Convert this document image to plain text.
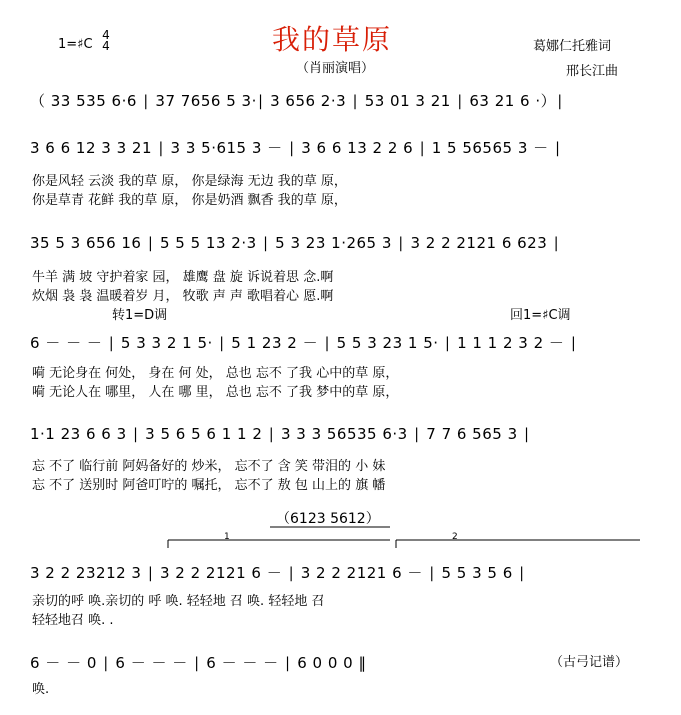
我的草原
（肖丽演唱）
1=♯C
4
4	葛娜仁托雅词
邢长江曲
（ 33 535 6·6 ∣ 37 7656 5 3·∣ 3 656 2·3 ∣ 53 01 3 21 ∣ 63 21 6 ·）∣
3 6 6 12 3 3 21 ∣ 3 3 5·615 3 － ∣ 3 6 6 13 2 2 6 ∣ 1 5 56565 3 － ∣
你是风轻 云淡 我的草 原， 你是绿海 无边 我的草 原，
你是草青 花鲜 我的草 原， 你是奶酒 飘香 我的草 原，
35 5 3 656 16 ∣ 5 5 5 13 2·3 ∣ 5 3 23 1·265 3 ∣ 3 2 2 2121 6 623 ∣
牛羊 满 坡 守护着家 园， 雄鹰 盘 旋 诉说着思 念.啊
炊烟 袅 袅 温暖着岁 月， 牧歌 声 声 歌唱着心 愿.啊
转1=D调	回1=♯C调
6 － － － ∣ 5 3 3 2 1 5· ∣ 5 1 23 2 － ∣ 5 5 3 23 1 5· ∣ 1 1 1 2 3 2 － ∣
嗬 无论身在 何处， 身在 何 处， 总也 忘不 了我 心中的草 原，
嗬 无论人在 哪里， 人在 哪 里， 总也 忘不 了我 梦中的草 原，
1·1 23 6 6 3 ∣ 3 5 6 5 6 1 1 2 ∣ 3 3 3 56535 6·3 ∣ 7 7 6 565 3 ∣
忘 不了 临行前 阿妈备好的 炒米， 忘不了 含 笑 带泪的 小 妹
忘 不了 送别时 阿爸叮咛的 嘱托， 忘不了 敖 包 山上的 旗 幡
（6123 5612）
1	2
3 2 2 23212 3 ∣ 3 2 2 2121 6 － ∣ 3 2 2 2121 6 － ∣ 5 5 3 5 6 ∣
亲切的呼 唤.亲切的 呼 唤. 轻轻地 召 唤. 轻轻地 召
轻轻地召 唤. .
6 － － 0 ∣ 6 － － － ∣ 6 － － － ∣ 6 0 0 0 ‖
唤.
（古弓记谱）
